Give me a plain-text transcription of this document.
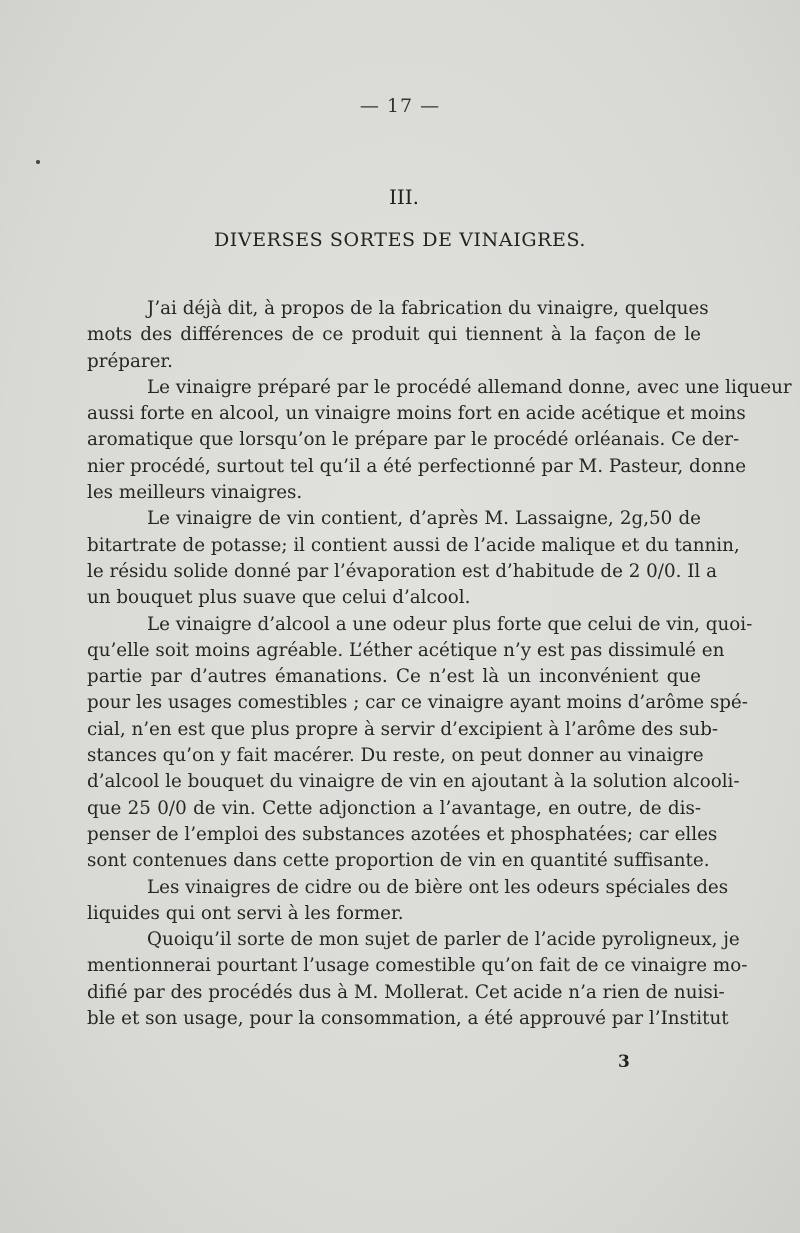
— 17 —
III.
DIVERSES SORTES DE VINAIGRES.

J’ai déjà dit, à propos de la fabrication du vinaigre, quelques
mots des différences de ce produit qui tiennent à la façon de le
préparer.

Le vinaigre préparé par le procédé allemand donne, avec une liqueur
aussi forte en alcool, un vinaigre moins fort en acide acétique et moins
aromatique que lorsqu’on le prépare par le procédé orléanais. Ce der-
nier procédé, surtout tel qu’il a été perfectionné par M. Pasteur, donne
les meilleurs vinaigres.

Le vinaigre de vin contient, d’après M. Lassaigne, 2g,50 de
bitartrate de potasse; il contient aussi de l’acide malique et du tannin,
le résidu solide donné par l’évaporation est d’habitude de 2 0/0. Il a
un bouquet plus suave que celui d’alcool.

Le vinaigre d’alcool a une odeur plus forte que celui de vin, quoi-
qu’elle soit moins agréable. L’éther acétique n’y est pas dissimulé en
partie par d’autres émanations. Ce n’est là un inconvénient que
pour les usages comestibles ; car ce vinaigre ayant moins d’arôme spé-
cial, n’en est que plus propre à servir d’excipient à l’arôme des sub-
stances qu’on y fait macérer. Du reste, on peut donner au vinaigre
d’alcool le bouquet du vinaigre de vin en ajoutant à la solution alcooli-
que 25 0/0 de vin. Cette adjonction a l’avantage, en outre, de dis-
penser de l’emploi des substances azotées et phosphatées; car elles
sont contenues dans cette proportion de vin en quantité suffisante.

Les vinaigres de cidre ou de bière ont les odeurs spéciales des
liquides qui ont servi à les former.

Quoiqu’il sorte de mon sujet de parler de l’acide pyroligneux, je
mentionnerai pourtant l’usage comestible qu’on fait de ce vinaigre mo-
difié par des procédés dus à M. Mollerat. Cet acide n’a rien de nuisi-
ble et son usage, pour la consommation, a été approuvé par l’Institut

3
